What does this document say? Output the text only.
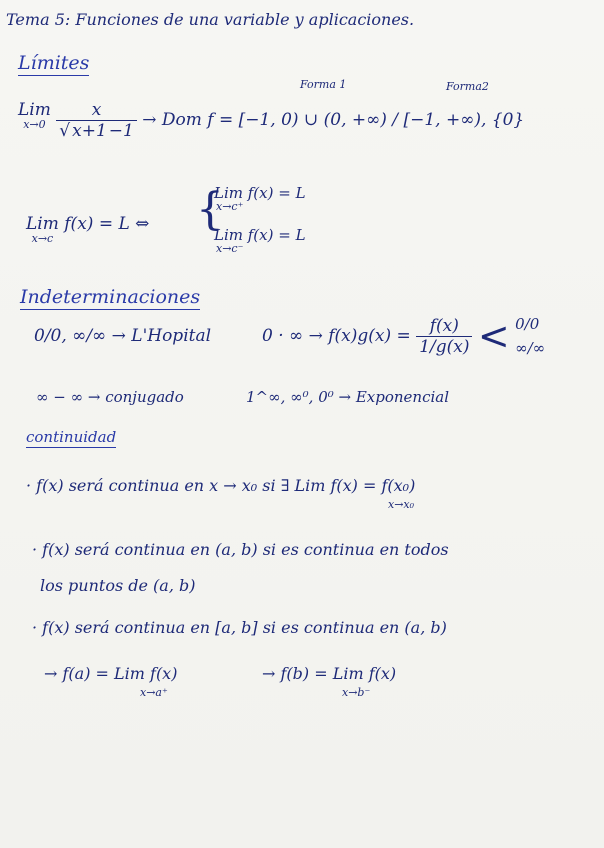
Tema 5: Funciones de una variable y aplicaciones.
Límites
Forma 1	Forma2
Lim
x→0
$\frac{x}{√ x+1 -1}$ → Dom f = [−1, 0) ∪ (0, +∞) / [−1, +∞), {0}
Lim
x→c
f(x) = L ⇔ {
Lim f(x) = L
x→c⁺
Lim f(x) = L
x→c⁻
Indeterminaciones
0/0, ∞/∞ → L'Hopital	0 · ∞ → $f(x)g(x) = \frac{f(x)}{1/g(x)} < 0/0$
∞/∞
∞ − ∞ → conjugado	1^∞, ∞⁰, 0⁰ → Exponencial
continuidad
· f(x) será continua en x → x₀ si ∃ Lim f(x) = f(x₀)
x→x₀
· f(x) será continua en (a, b) si es continua en todos
los puntos de (a, b)
· f(x) será continua en [a, b] si es continua en (a, b)
→ f(a) = Lim f(x)
x→a⁺
→ f(b) = Lim f(x)
x→b⁻
